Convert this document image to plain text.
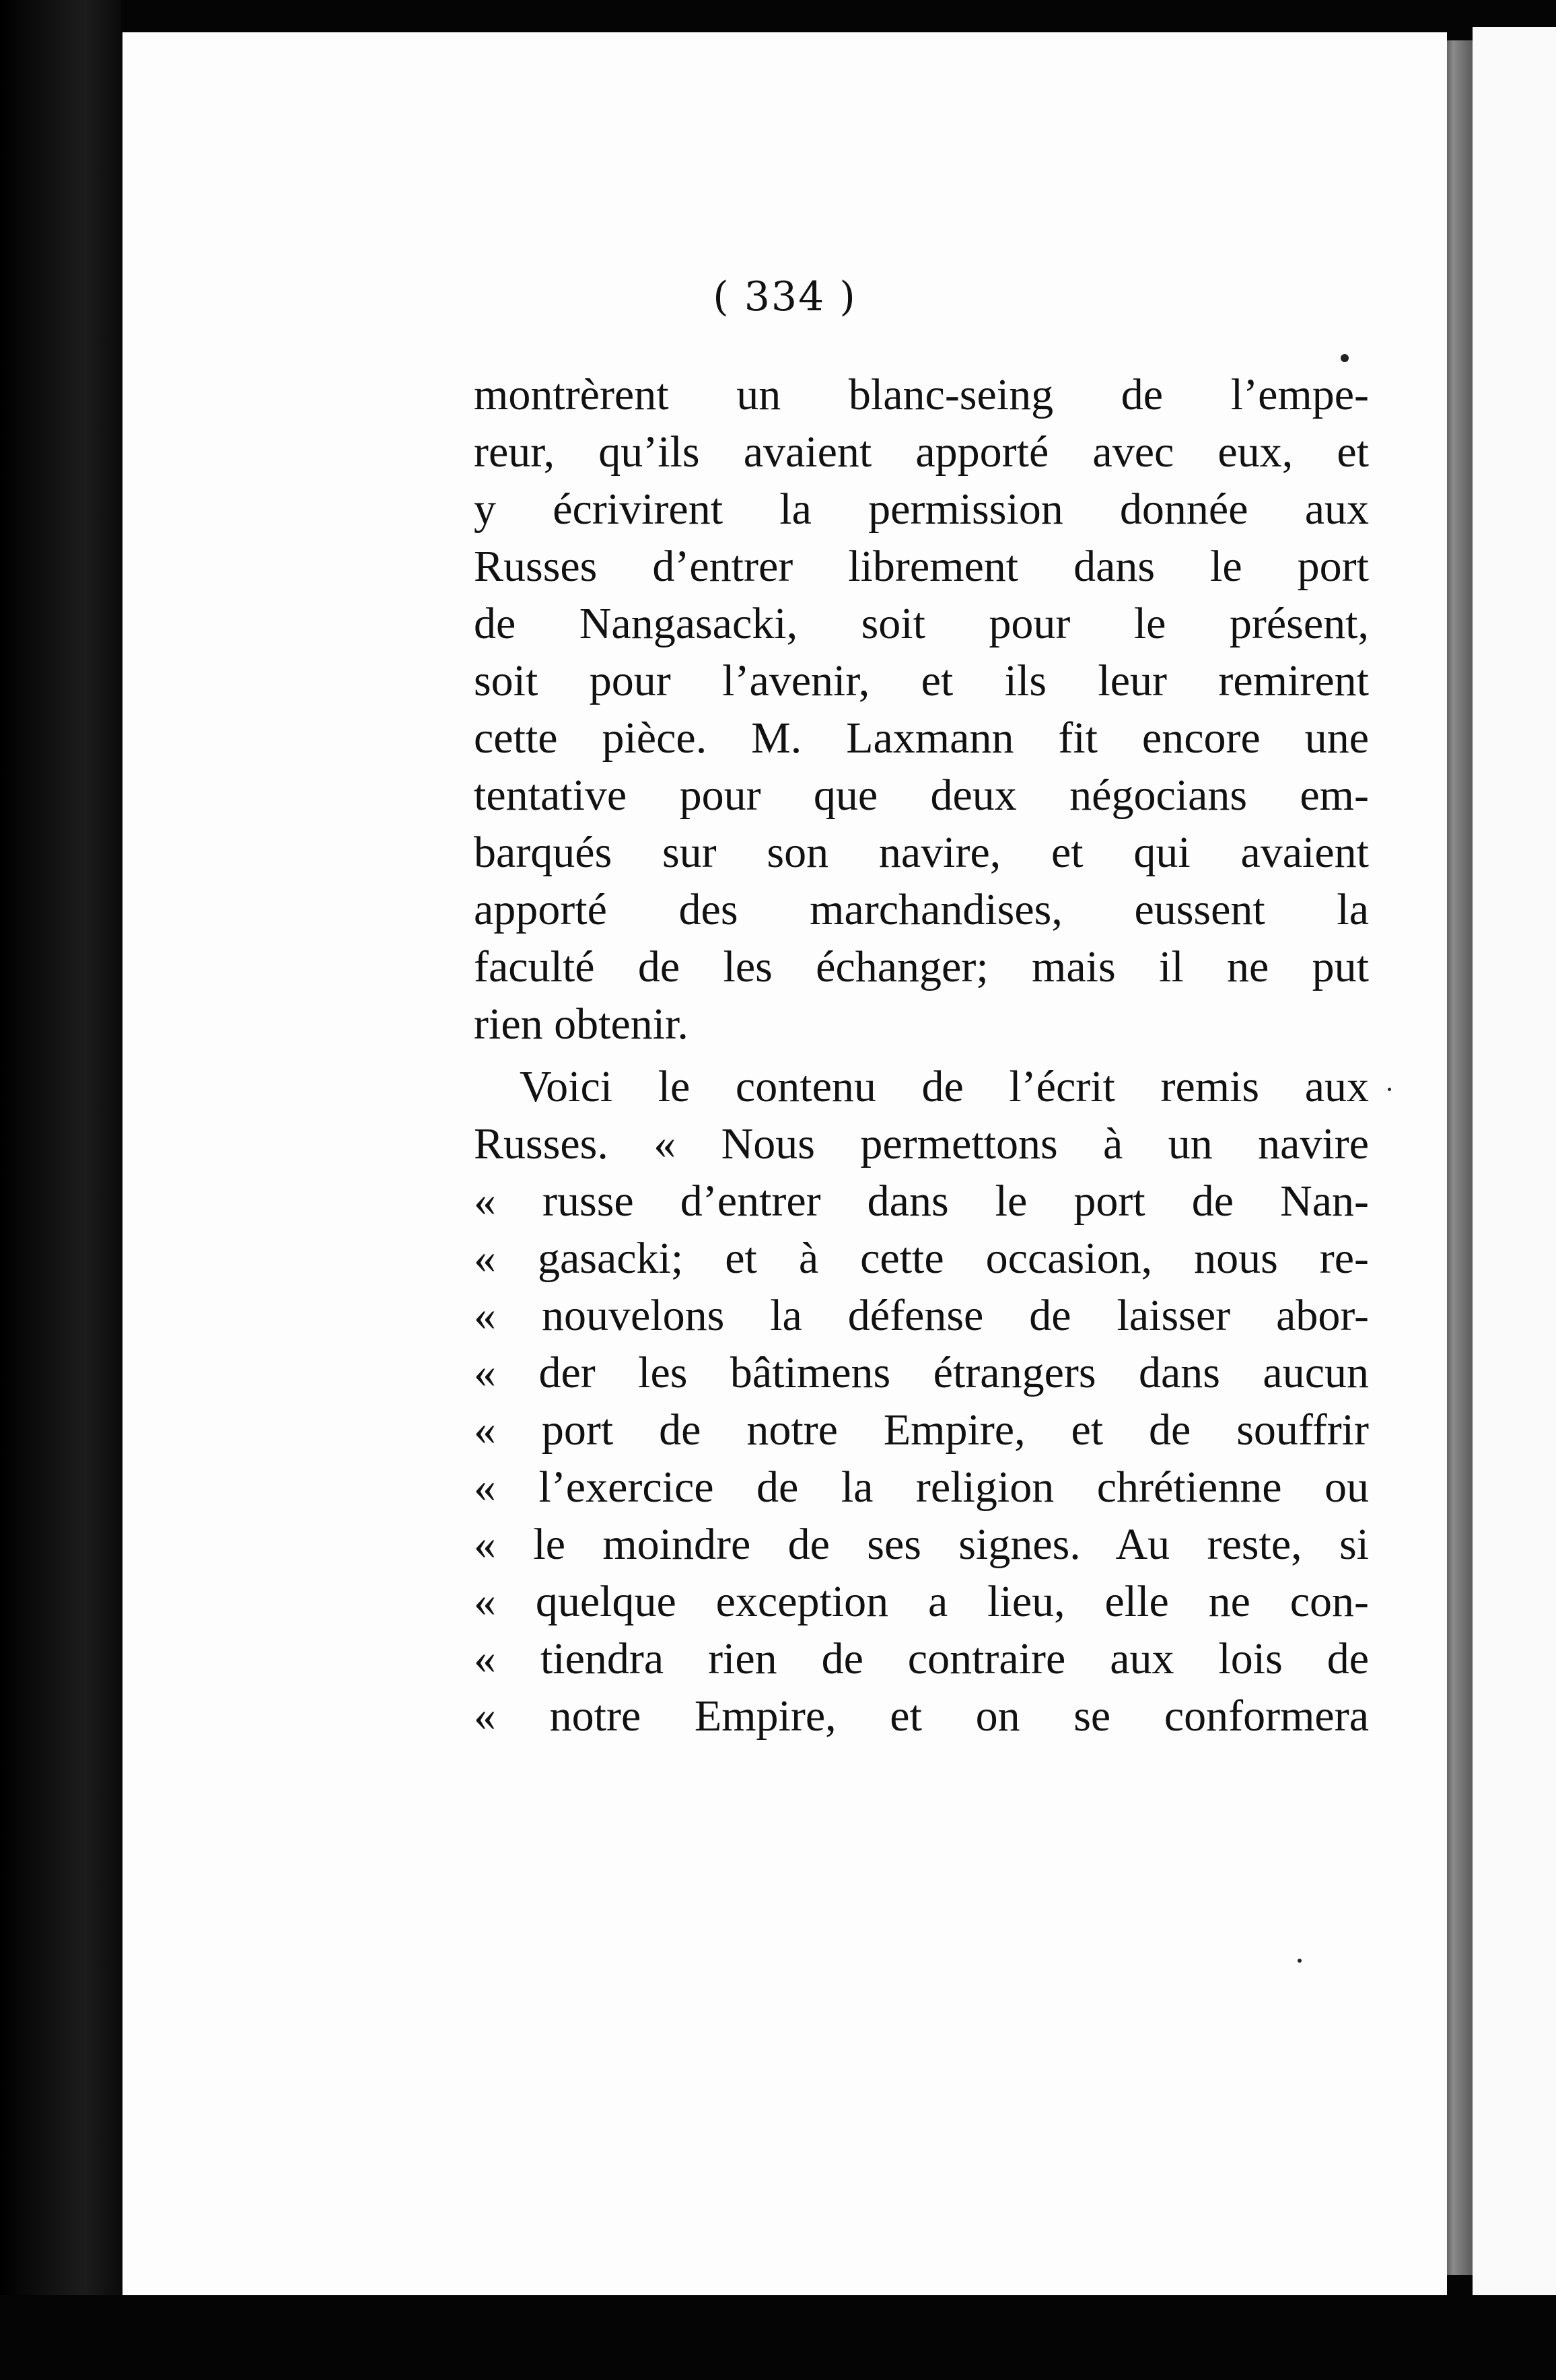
( 334 )
montrèrent un blanc-seing de l’empe-
reur, qu’ils avaient apporté avec eux, et
y écrivirent la permission donnée aux
Russes d’entrer librement dans le port
de Nangasacki, soit pour le présent,
soit pour l’avenir, et ils leur remirent
cette pièce. M. Laxmann fit encore une
tentative pour que deux négocians em-
barqués sur son navire, et qui avaient
apporté des marchandises, eussent la
faculté de les échanger; mais il ne put
rien obtenir.
Voici le contenu de l’écrit remis aux
Russes. « Nous permettons à un navire
« russe d’entrer dans le port de Nan-
« gasacki; et à cette occasion, nous re-
« nouvelons la défense de laisser abor-
« der les bâtimens étrangers dans aucun
« port de notre Empire, et de souffrir
« l’exercice de la religion chrétienne ou
« le moindre de ses signes. Au reste, si
« quelque exception a lieu, elle ne con-
« tiendra rien de contraire aux lois de
« notre Empire, et on se conformera
